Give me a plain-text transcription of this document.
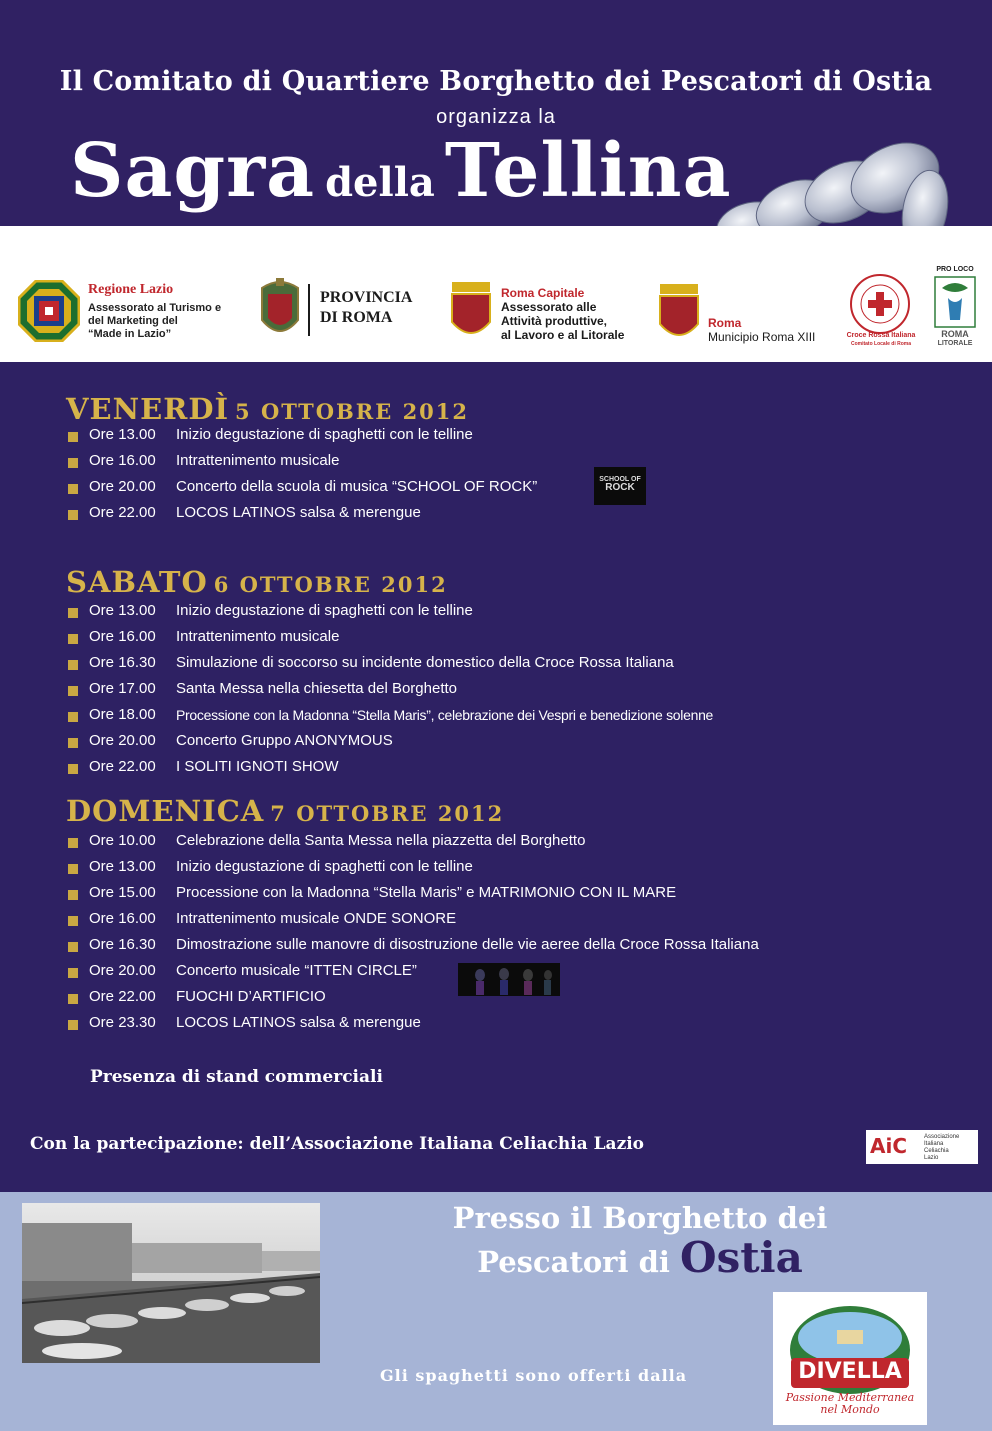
Il Comitato di Quartiere Borghetto dei Pescatori di Ostia
organizza la
Sagra della Tellina
Regione Lazio
Assessorato al Turismo e
del Marketing del
“Made in Lazio”
PROVINCIA
DI ROMA
Roma Capitale
Assessorato alle
Attività produttive,
al Lavoro e al Litorale
Roma
Municipio Roma XIII	Croce Rossa Italiana
Comitato Locale di Roma
PRO LOCO
ROMA
LITORALE
VENERDÌ 5 OTTOBRE 2012
Ore 13.00 Inizio degustazione di spaghetti con le telline
Ore 16.00 Intrattenimento musicale
Ore 20.00 Concerto della scuola di musica “SCHOOL OF ROCK”
Ore 22.00 LOCOS LATINOS salsa & merengue
SCHOOL OF
ROCK
SABATO 6 OTTOBRE 2012
Ore 13.00 Inizio degustazione di spaghetti con le telline
Ore 16.00 Intrattenimento musicale
Ore 16.30 Simulazione di soccorso su incidente domestico della Croce Rossa Italiana
Ore 17.00 Santa Messa nella chiesetta del Borghetto
Ore 18.00 Processione con la Madonna “Stella Maris”, celebrazione dei Vespri e benedizione solenne
Ore 20.00 Concerto Gruppo ANONYMOUS
Ore 22.00 I SOLITI IGNOTI SHOW
DOMENICA 7 OTTOBRE 2012
Ore 10.00 Celebrazione della Santa Messa nella piazzetta del Borghetto
Ore 13.00 Inizio degustazione di spaghetti con le telline
Ore 15.00 Processione con la Madonna “Stella Maris” e MATRIMONIO CON IL MARE
Ore 16.00 Intrattenimento musicale ONDE SONORE
Ore 16.30 Dimostrazione sulle manovre di disostruzione delle vie aeree della Croce Rossa Italiana
Ore 20.00 Concerto musicale “ITTEN CIRCLE”
Ore 22.00 FUOCHI D’ARTIFICIO
Ore 23.30 LOCOS LATINOS salsa & merengue
Presenza di stand commerciali
Con la partecipazione: dell’Associazione Italiana Celiachia Lazio	AiC	Associazione
Italiana
Celiachia
Lazio
Presso il Borghetto dei
Pescatori di Ostia
Gli spaghetti sono offerti dalla	DIVELLA
Passione Mediterranea
nel Mondo
